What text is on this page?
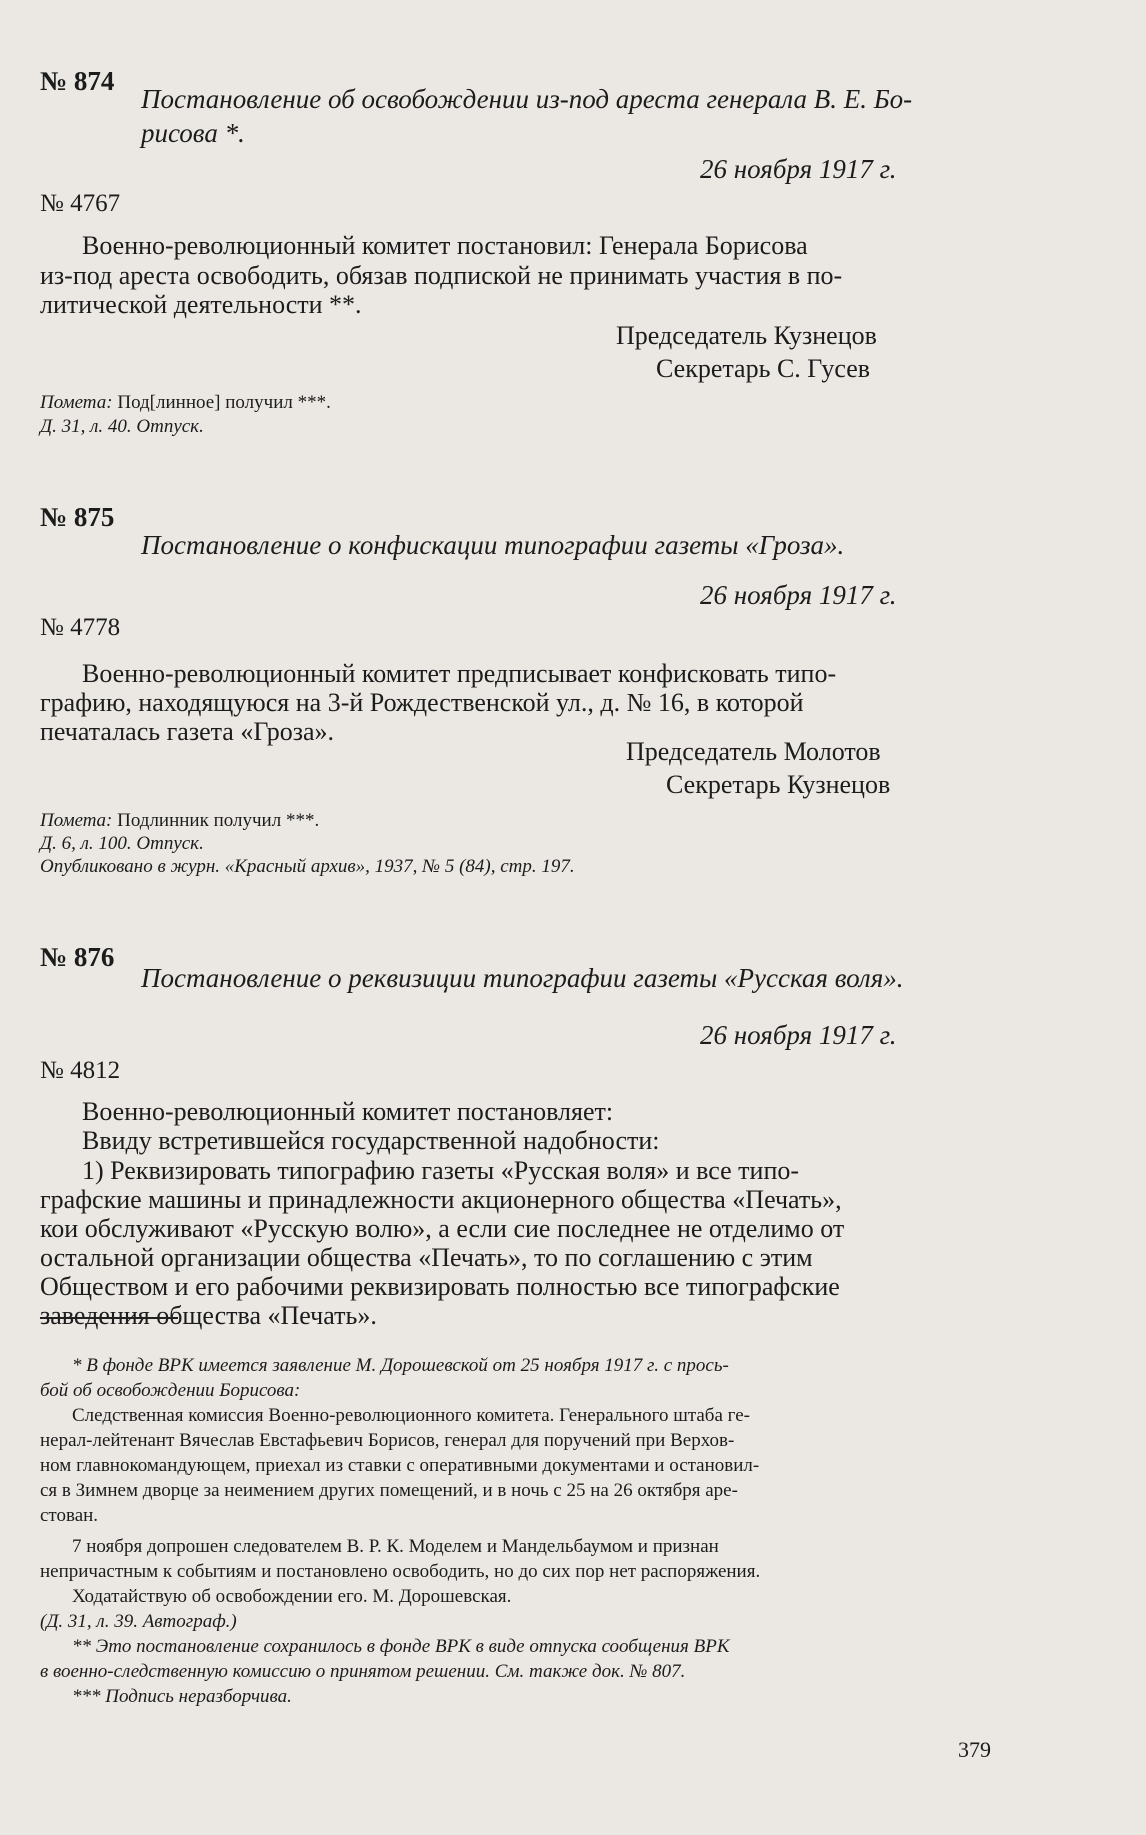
№ 874
Постановление об освобождении из-под ареста генерала В. Е. Бо-
рисова *.
26 ноября 1917 г.
№ 4767
Военно-революционный комитет постановил: Генерала Борисова
из-под ареста освободить, обязав подпиской не принимать участия в по-
литической деятельности **.
Председатель Кузнецов
Секретарь С. Гусев
Помета: Под[линное] получил ***.
Д. 31, л. 40. Отпуск.
№ 875
Постановление о конфискации типографии газеты «Гроза».
26 ноября 1917 г.
№ 4778
Военно-революционный комитет предписывает конфисковать типо-
графию, находящуюся на 3-й Рождественской ул., д. № 16, в которой
печаталась газета «Гроза».
Председатель Молотов
Секретарь Кузнецов
Пометa: Подлинник получил ***.
Д. 6, л. 100. Отпуск.
Опубликовано в журн. «Красный архив», 1937, № 5 (84), стр. 197.
№ 876
Постановление о реквизиции типографии газеты «Русская воля».
26 ноября 1917 г.
№ 4812
Военно-революционный комитет постановляет:
Ввиду встретившейся государственной надобности:
1) Реквизировать типографию газеты «Русская воля» и все типо-
графские машины и принадлежности акционерного общества «Печать»,
кои обслуживают «Русскую волю», а если сие последнее не отделимо от
остальной организации общества «Печать», то по соглашению с этим
Обществом и его рабочими реквизировать полностью все типографские
заведения общества «Печать».
* В фонде ВРК имеется заявление М. Дорошевской от 25 ноября 1917 г. с прось-
бой об освобождении Борисова:
Следственная комиссия Военно-революционного комитета. Генерального штаба ге-
нерал-лейтенант Вячеслав Евстафьевич Борисов, генерал для поручений при Верхов-
ном главнокомандующем, приехал из ставки с оперативными документами и остановил-
ся в Зимнем дворце за неимением других помещений, и в ночь с 25 на 26 октября аре-
стован.
7 ноября допрошен следователем В. Р. К. Моделем и Мандельбаумом и признан
непричастным к событиям и постановлено освободить, но до сих пор нет распоряжения.
Ходатайствую об освобождении его. М. Дорошевская.
(Д. 31, л. 39. Автограф.)
** Это постановление сохранилось в фонде ВРК в виде отпуска сообщения ВРК
в военно-следственную комиссию о принятом решении. См. также док. № 807.
*** Подпись неразборчива.
379
